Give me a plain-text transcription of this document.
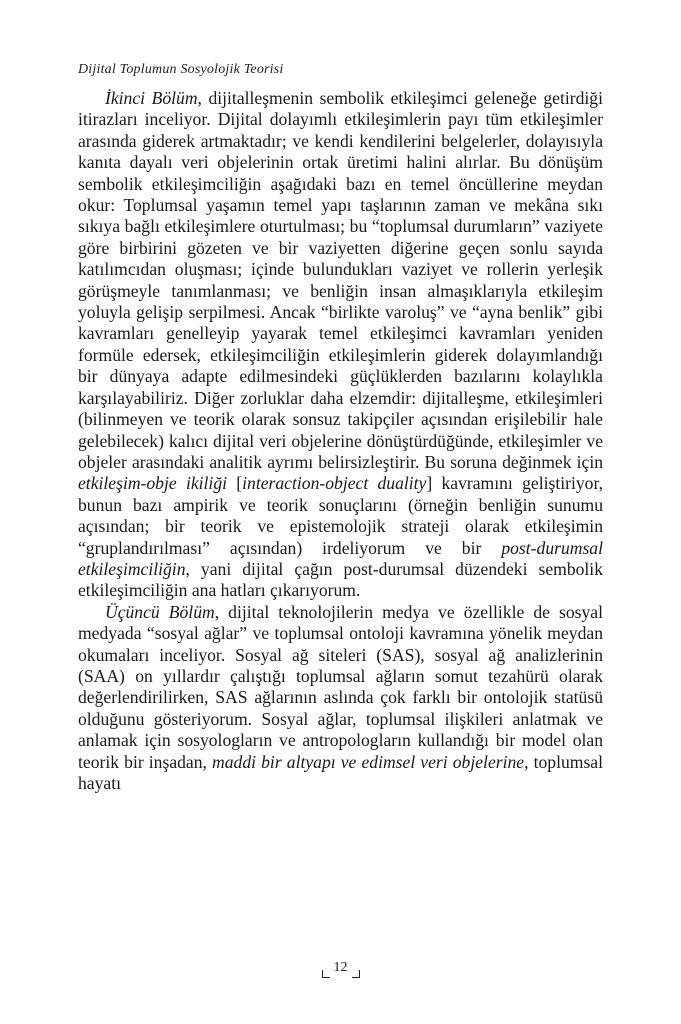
Dijital Toplumun Sosyolojik Teorisi

İkinci Bölüm, dijitalleşmenin sembolik etkileşimci geleneğe getirdiği itirazları inceliyor. Dijital dolayımlı etkileşimlerin payı tüm etkileşimler arasında giderek artmaktadır; ve kendi kendilerini belgelerler, dolayısıyla kanıta dayalı veri objelerinin ortak üretimi halini alırlar. Bu dönüşüm sembolik etkileşimciliğin aşağıdaki bazı en temel öncüllerine meydan okur: Toplumsal yaşamın temel yapı taşlarının zaman ve mekâna sıkı sıkıya bağlı etkileşimlere oturtulması; bu “toplumsal durumların” vaziyete göre birbirini gözeten ve bir vaziyetten diğerine geçen sonlu sayıda katılımcıdan oluşması; içinde bulundukları vaziyet ve rollerin yerleşik görüşmeyle tanımlanması; ve benliğin insan almaşıklarıyla etkileşim yoluyla gelişip serpilmesi. Ancak “birlikte varoluş” ve “ayna benlik” gibi kavramları genelleyip yayarak temel etkileşimci kavramları yeniden formüle edersek, etkileşimciliğin etkileşimlerin giderek dolayımlandığı bir dünyaya adapte edilmesindeki güçlüklerden bazılarını kolaylıkla karşılayabiliriz. Diğer zorluklar daha elzemdir: dijitalleşme, etkileşimleri (bilinmeyen ve teorik olarak sonsuz takipçiler açısından erişilebilir hale gelebilecek) kalıcı dijital veri objelerine dönüştürdüğünde, etkileşimler ve objeler arasındaki analitik ayrımı belirsizleştirir. Bu soruna değinmek için etkileşim-obje ikiliği [interaction-object duality] kavramını geliştiriyor, bunun bazı ampirik ve teorik sonuçlarını (örneğin benliğin sunumu açısından; bir teorik ve epistemolojik strateji olarak etkileşimin “gruplandırılması” açısından) irdeliyorum ve bir post-durumsal etkileşimciliğin, yani dijital çağın post-durumsal düzendeki sembolik etkileşimciliğin ana hatları çıkarıyorum.

Üçüncü Bölüm, dijital teknolojilerin medya ve özellikle de sosyal medyada “sosyal ağlar” ve toplumsal ontoloji kavramına yönelik meydan okumaları inceliyor. Sosyal ağ siteleri (SAS), sosyal ağ analizlerinin (SAA) on yıllardır çalıştığı toplumsal ağların somut tezahürü olarak değerlendirilirken, SAS ağlarının aslında çok farklı bir ontolojik statüsü olduğunu gösteriyorum. Sosyal ağlar, toplumsal ilişkileri anlatmak ve anlamak için sosyologların ve antropologların kullandığı bir model olan teorik bir inşadan, maddi bir altyapı ve edimsel veri objelerine, toplumsal hayatı

12
